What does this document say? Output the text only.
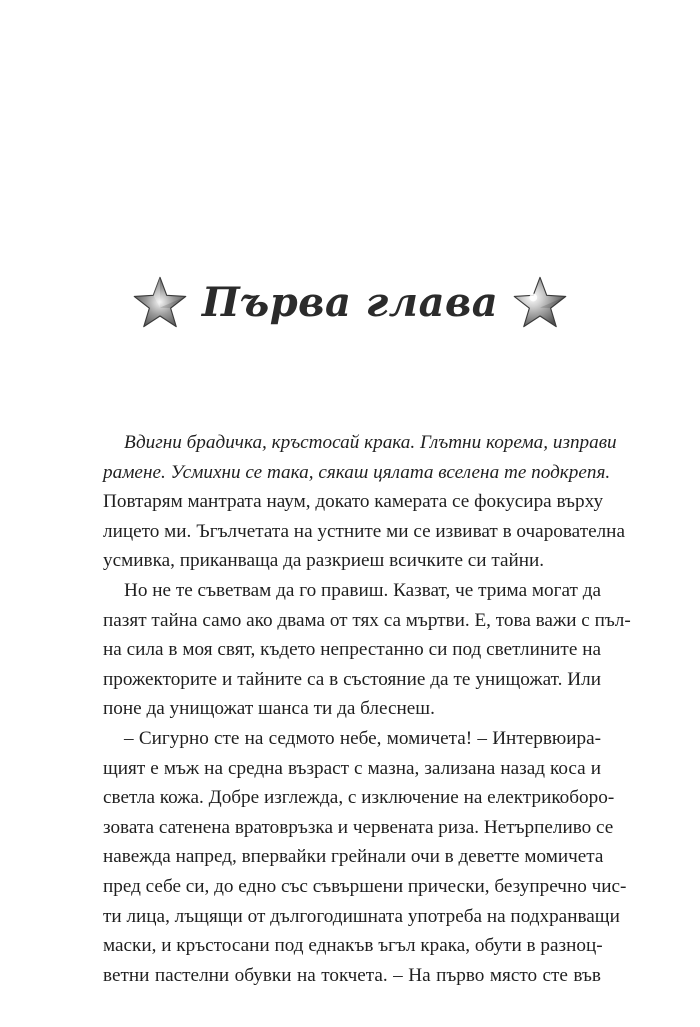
Първа глава
Вдигни брадичка, кръстосай крака. Глътни корема, изправи
рамене. Усмихни се така, сякаш цялата вселена те подкрепя.
Повтарям мантрата наум, докато камерата се фокусира върху
лицето ми. Ъгълчетата на устните ми се извиват в очарователна
усмивка, приканваща да разкриеш всичките си тайни.
Но не те съветвам да го правиш. Казват, че трима могат да
пазят тайна само ако двама от тях са мъртви. Е, това важи с пъл-
на сила в моя свят, където непрестанно си под светлините на
прожекторите и тайните са в състояние да те унищожат. Или
поне да унищожат шанса ти да блеснеш.
– Сигурно сте на седмото небе, момичета! – Интервюира-
щият е мъж на средна възраст с мазна, зализана назад коса и
светла кожа. Добре изглежда, с изключение на електрикоборо-
зовата сатенена вратовръзка и червената риза. Нетърпеливо се
навежда напред, впервайки грейнали очи в деветте момичета
пред себе си, до едно със съвършени прически, безупречно чис-
ти лица, лъщящи от дългогодишната употреба на подхранващи
маски, и кръстосани под еднакъв ъгъл крака, обути в разноц-
ветни пастелни обувки на токчета. – На първо място сте във
